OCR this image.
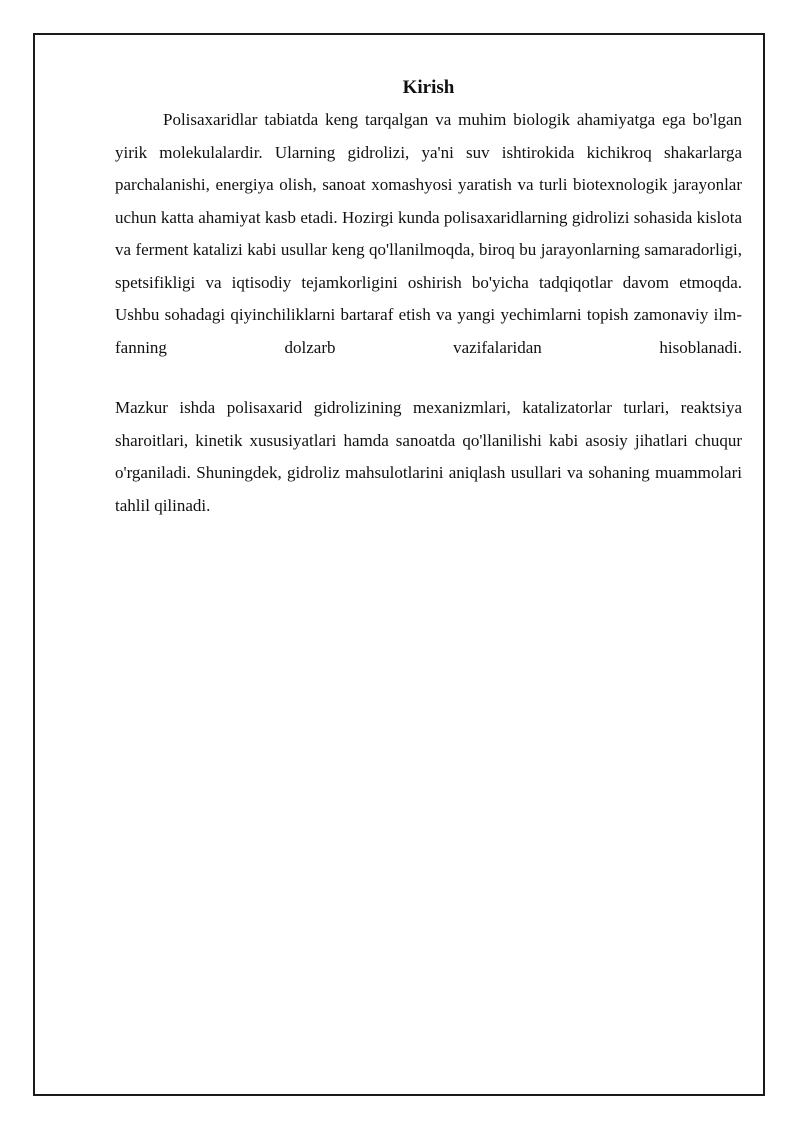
Kirish

Polisaxaridlar tabiatda keng tarqalgan va muhim biologik ahamiyatga ega bo'lgan yirik molekulalardir. Ularning gidrolizi, ya'ni suv ishtirokida kichikroq shakarlarga parchalanishi, energiya olish, sanoat xomashyosi yaratish va turli biotexnologik jarayonlar uchun katta ahamiyat kasb etadi. Hozirgi kunda polisaxaridlarning gidrolizi sohasida kislota va ferment katalizi kabi usullar keng qo'llanilmoqda, biroq bu jarayonlarning samaradorligi, spetsifikligi va iqtisodiy tejamkorligini oshirish bo'yicha tadqiqotlar davom etmoqda. Ushbu sohadagi qiyinchiliklarni bartaraf etish va yangi yechimlarni topish zamonaviy ilm-fanning dolzarb vazifalaridan hisoblanadi.

Mazkur ishda polisaxarid gidrolizining mexanizmlari, katalizatorlar turlari, reaktsiya sharoitlari, kinetik xususiyatlari hamda sanoatda qo'llanilishi kabi asosiy jihatlari chuqur o'rganiladi. Shuningdek, gidroliz mahsulotlarini aniqlash usullari va sohaning muammolari tahlil qilinadi.
